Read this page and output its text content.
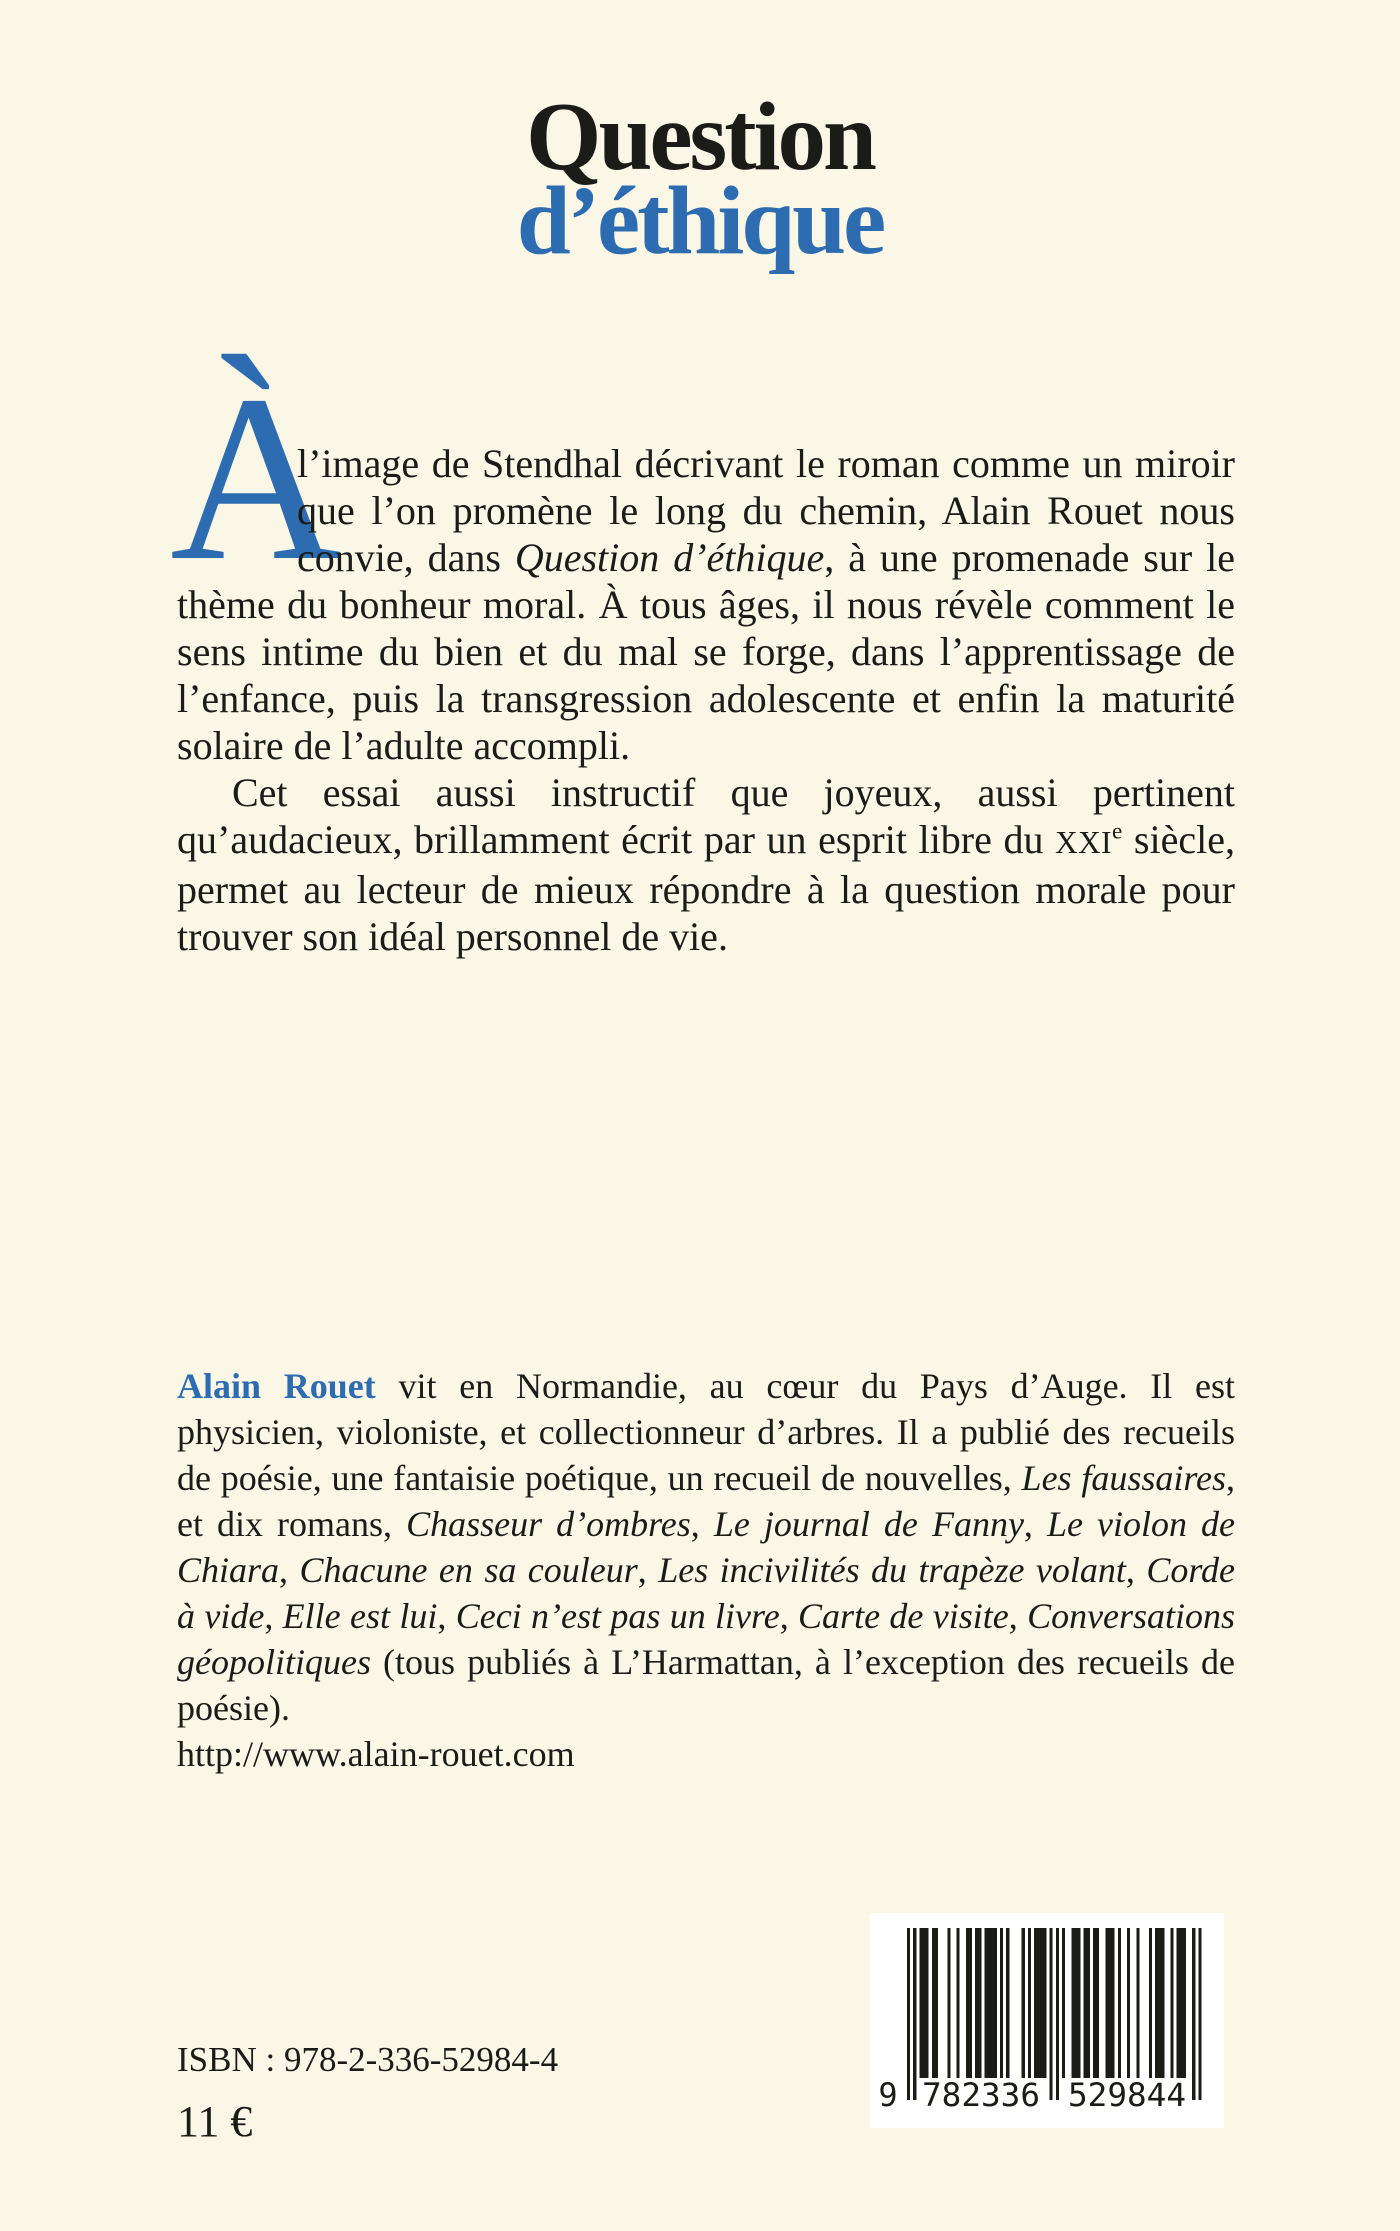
Question
d’éthique
À

l’image de Stendhal décrivant le roman comme un miroir que l’on promène le long du chemin, Alain Rouet nous convie, dans Question d’éthique, à une promenade sur le thème du bonheur moral. À tous âges, il nous révèle comment le sens intime du bien et du mal se forge, dans l’apprentissage de l’enfance, puis la transgression adolescente et enfin la maturité solaire de l’adulte accompli.

Cet essai aussi instructif que joyeux, aussi pertinent qu’audacieux, brillamment écrit par un esprit libre du XXIe siècle, permet au lecteur de mieux répondre à la question morale pour trouver son idéal personnel de vie.

Alain Rouet vit en Normandie, au cœur du Pays d’Auge. Il est physicien, violoniste, et collectionneur d’arbres. Il a publié des recueils de poésie, une fantaisie poétique, un recueil de nouvelles, Les faussaires, et dix romans, Chasseur d’ombres, Le journal de Fanny, Le violon de Chiara, Chacune en sa couleur, Les incivilités du trapèze volant, Corde à vide, Elle est lui, Ceci n’est pas un livre, Carte de visite, Conversations géopolitiques (tous publiés à L’Harmattan, à l’exception des recueils de poésie).
http://www.alain-rouet.com
9 782336 529844
ISBN : 978-2-336-52984-4
11 €
